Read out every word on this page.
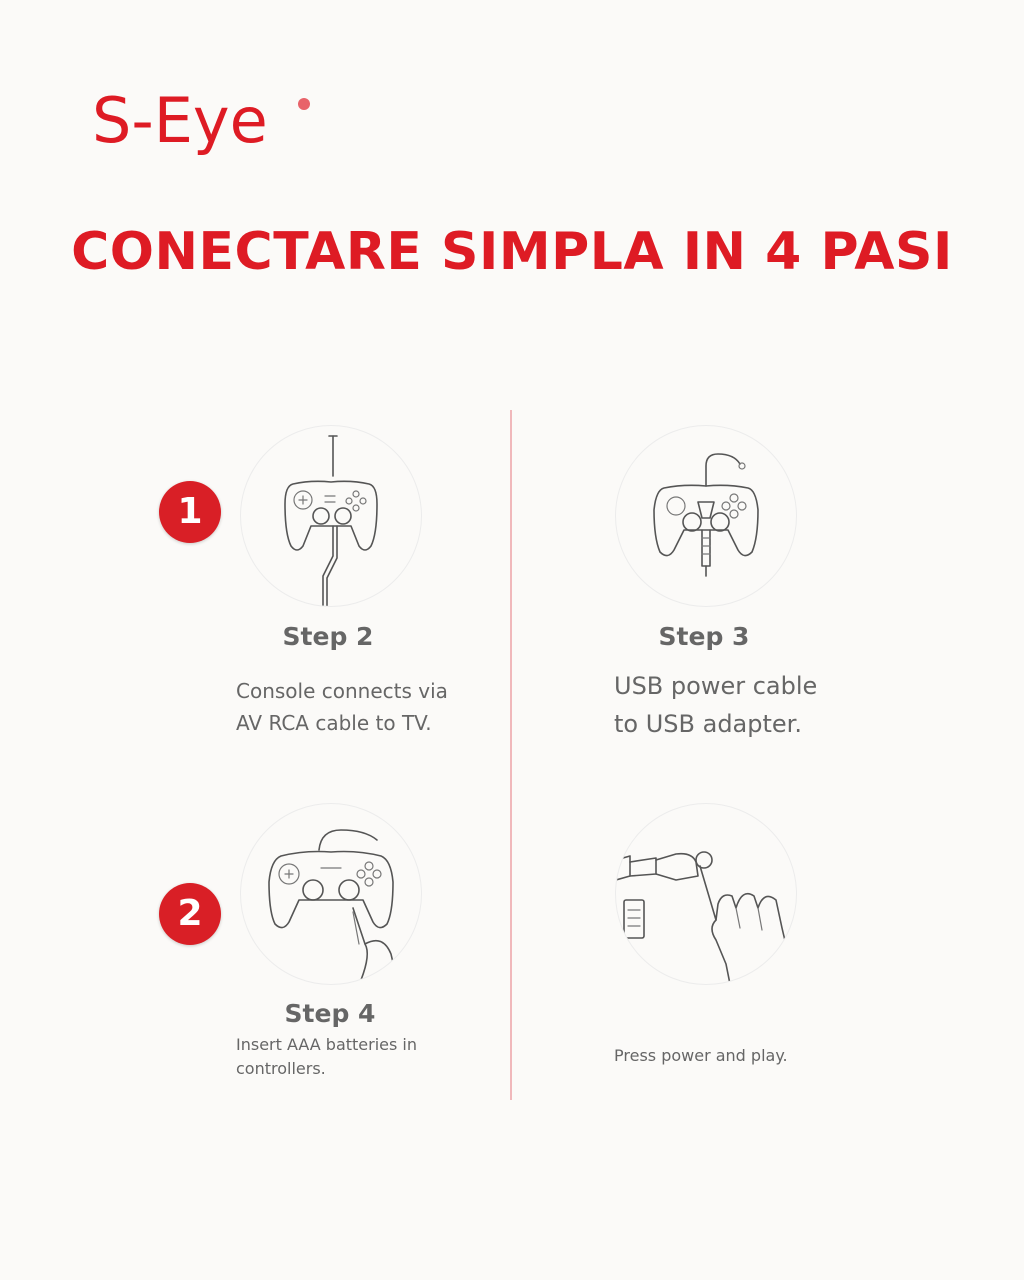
S-Eye
CONECTARE SIMPLA IN 4 PASI
1
2
Step 2
Console connects via
AV RCA cable to TV.
Step 3
USB power cable
to USB adapter.
Step 4
Insert AAA batteries in
controllers.
Press power and play.
